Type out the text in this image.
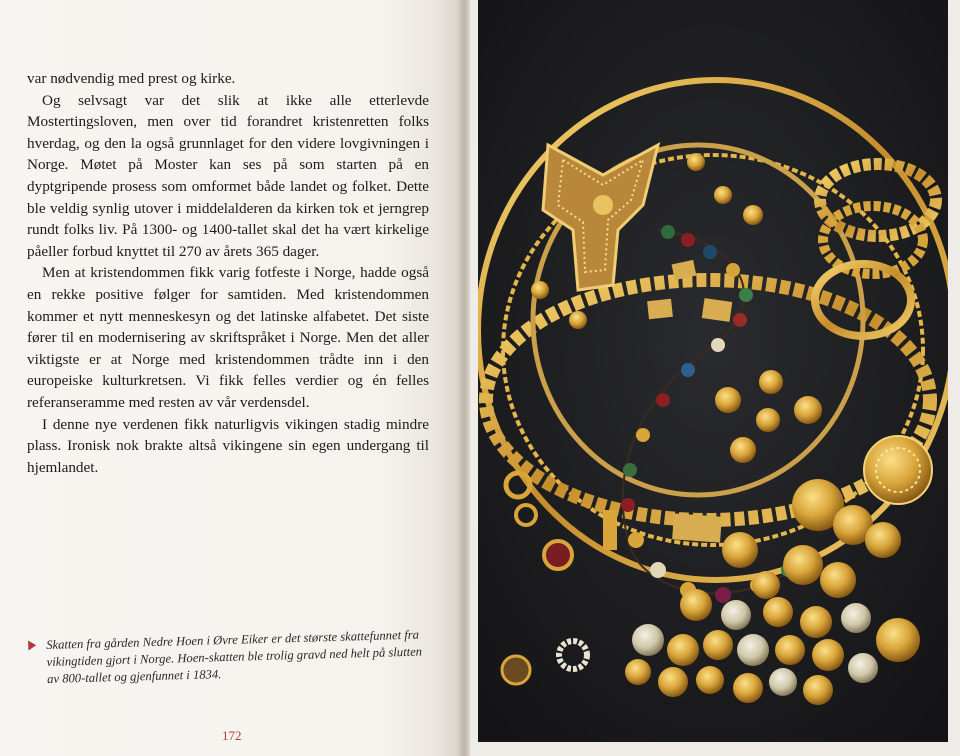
var nødvendig med prest og kirke.

Og selvsagt var det slik at ikke alle etterlevde Mostertingsloven, men over tid forandret kristenretten folks hverdag, og den la også grunnlaget for den videre lovgivningen i Norge. Møtet på Moster kan ses på som starten på en dyptgripende prosess som omformet både landet og folket. Dette ble veldig synlig utover i middelalderen da kirken tok et jerngrep rundt folks liv. På 1300- og 1400-tallet skal det ha vært kirkelige påeller forbud knyttet til 270 av årets 365 dager.

Men at kristendommen fikk varig fotfeste i Norge, hadde også en rekke positive følger for samtiden. Med kristendommen kommer et nytt menneskesyn og det latinske alfabetet. Det siste fører til en modernisering av skriftspråket i Norge. Men det aller viktigste er at Norge med kristendommen trådte inn i den europeiske kulturkretsen. Vi fikk felles verdier og én felles referanseramme med resten av vår verdensdel.

I denne nye verdenen fikk naturligvis vikingen stadig mindre plass. Ironisk nok brakte altså vikingene sin egen undergang til hjemlandet.

Skatten fra gården Nedre Hoen i Øvre Eiker er det største skattefunnet fra vikingtiden gjort i Norge. Hoen-skatten ble trolig gravd ned helt på slutten av 800-tallet og gjenfunnet i 1834.
172
